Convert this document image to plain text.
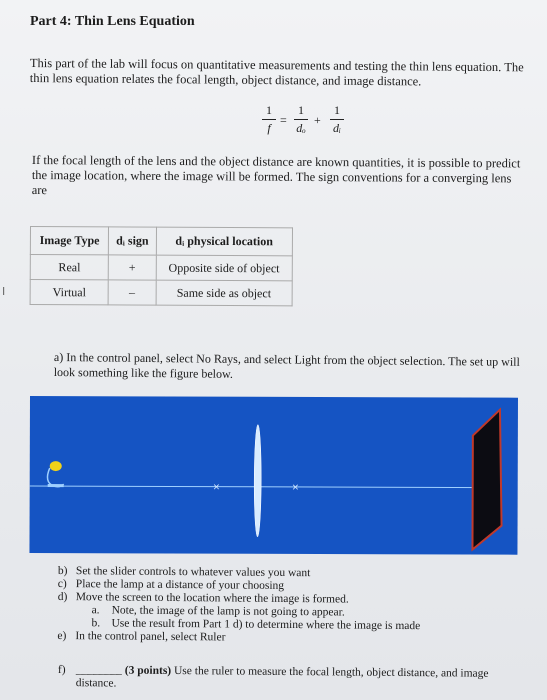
Part 4: Thin Lens Equation
This part of the lab will focus on quantitative measurements and testing the thin lens equation. The thin lens equation relates the focal length, object distance, and image distance.
$\frac{1}{f} = \frac{1}{\text{dₒ}} + \frac{1}{\text{dᵢ}}$
If the focal length of the lens and the object distance are known quantities, it is possible to predict the image location, where the image will be formed. The sign conventions for a converging lens are
Image Type	dᵢ sign	dᵢ physical location
Real	+	Opposite side of object
Virtual	–	Same side as object
I
a) In the control panel, select No Rays, and select Light from the object selection. The set up will look something like the figure below.
×	×
b) Set the slider controls to whatever values you want
c) Place the lamp at a distance of your choosing
d) Move the screen to the location where the image is formed.
a.	Note, the image of the lamp is not going to appear.
b. Use the result from Part 1 d) to determine where the image is made
e) In the control panel, select Ruler
f) ________ (3 points) Use the ruler to measure the focal length, object distance, and image distance.
